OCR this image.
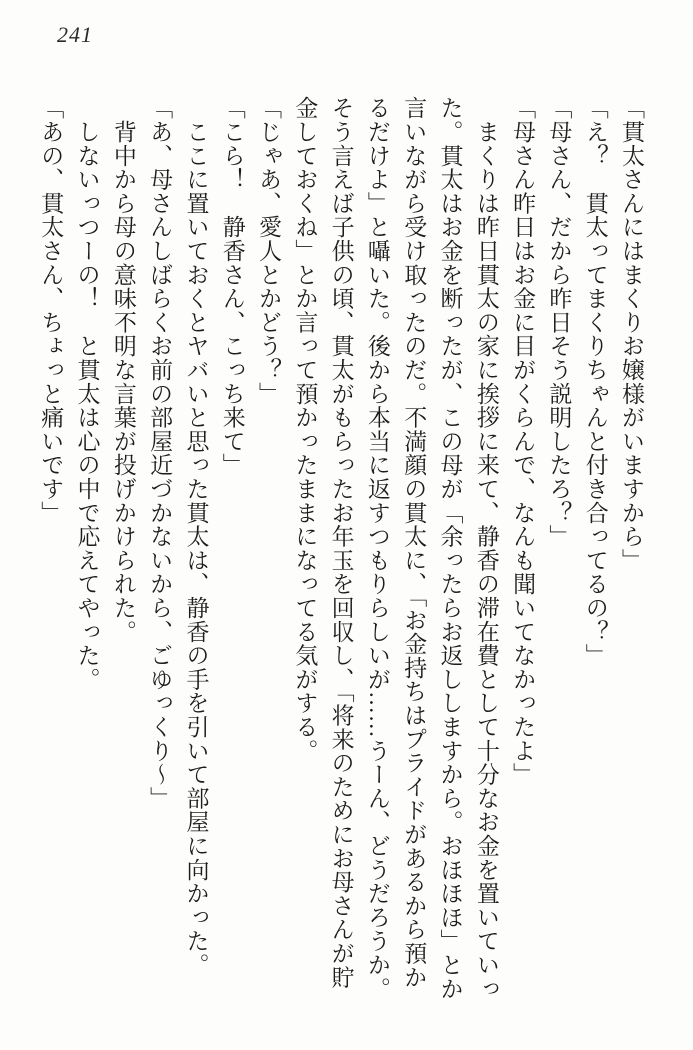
241

「貫太さんにはまくりお嬢様がいますから」

「え？　貫太ってまくりちゃんと付き合ってるの？」

「母さん、だから昨日そう説明したろ？」

「母さん昨日はお金に目がくらんで、なんも聞いてなかったよ」

　まくりは昨日貫太の家に挨拶に来て、静香の滞在費として十分なお金を置いていった。貫太はお金を断ったが、この母が「余ったらお返ししますから。おほほほ」とか言いながら受け取ったのだ。不満顔の貫太に、「お金持ちはプライドがあるから預かるだけよ」と囁いた。後から本当に返すつもりらしいが……うーん、どうだろうか。そう言えば子供の頃、貫太がもらったお年玉を回収し、「将来のためにお母さんが貯金しておくね」とか言って預かったままになってる気がする。

「じゃあ、愛人とかどう？」

「こら！　静香さん、こっち来て」

　ここに置いておくとヤバいと思った貫太は、静香の手を引いて部屋に向かった。

「あ、母さんしばらくお前の部屋近づかないから、ごゆっくり〜」

　背中から母の意味不明な言葉が投げかけられた。

　しないっつーの！　と貫太は心の中で応えてやった。

「あの、貫太さん、ちょっと痛いです」
